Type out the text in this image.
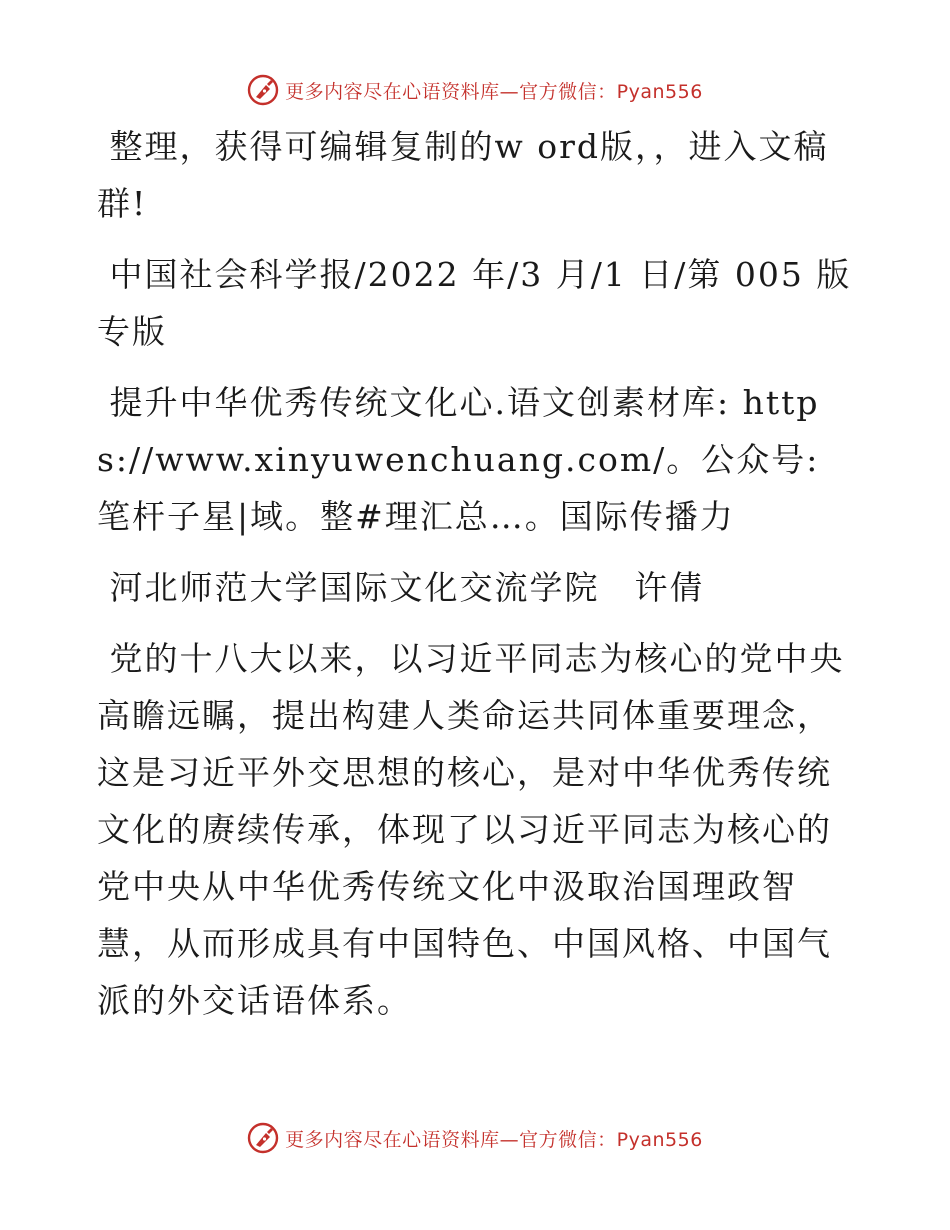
更多内容尽在心语资料库—官方微信：Pyan556

整理，获得可编辑复制的w ord版，，进入文稿群!

中国社会科学报/2022 年/3 月/1 日/第 005 版 专版

提升中华优秀传统文化心.语文创素材库: https://www.xinyuwenchuang.com/。公众号: 笔杆子星|域。整#理汇总…。国际传播力

河北师范大学国际文化交流学院　许倩

党的十八大以来，以习近平同志为核心的党中央高瞻远瞩，提出构建人类命运共同体重要理念，这是习近平外交思想的核心，是对中华优秀传统文化的赓续传承，体现了以习近平同志为核心的党中央从中华优秀传统文化中汲取治国理政智慧，从而形成具有中国特色、中国风格、中国气派的外交话语体系。

更多内容尽在心语资料库—官方微信：Pyan556
